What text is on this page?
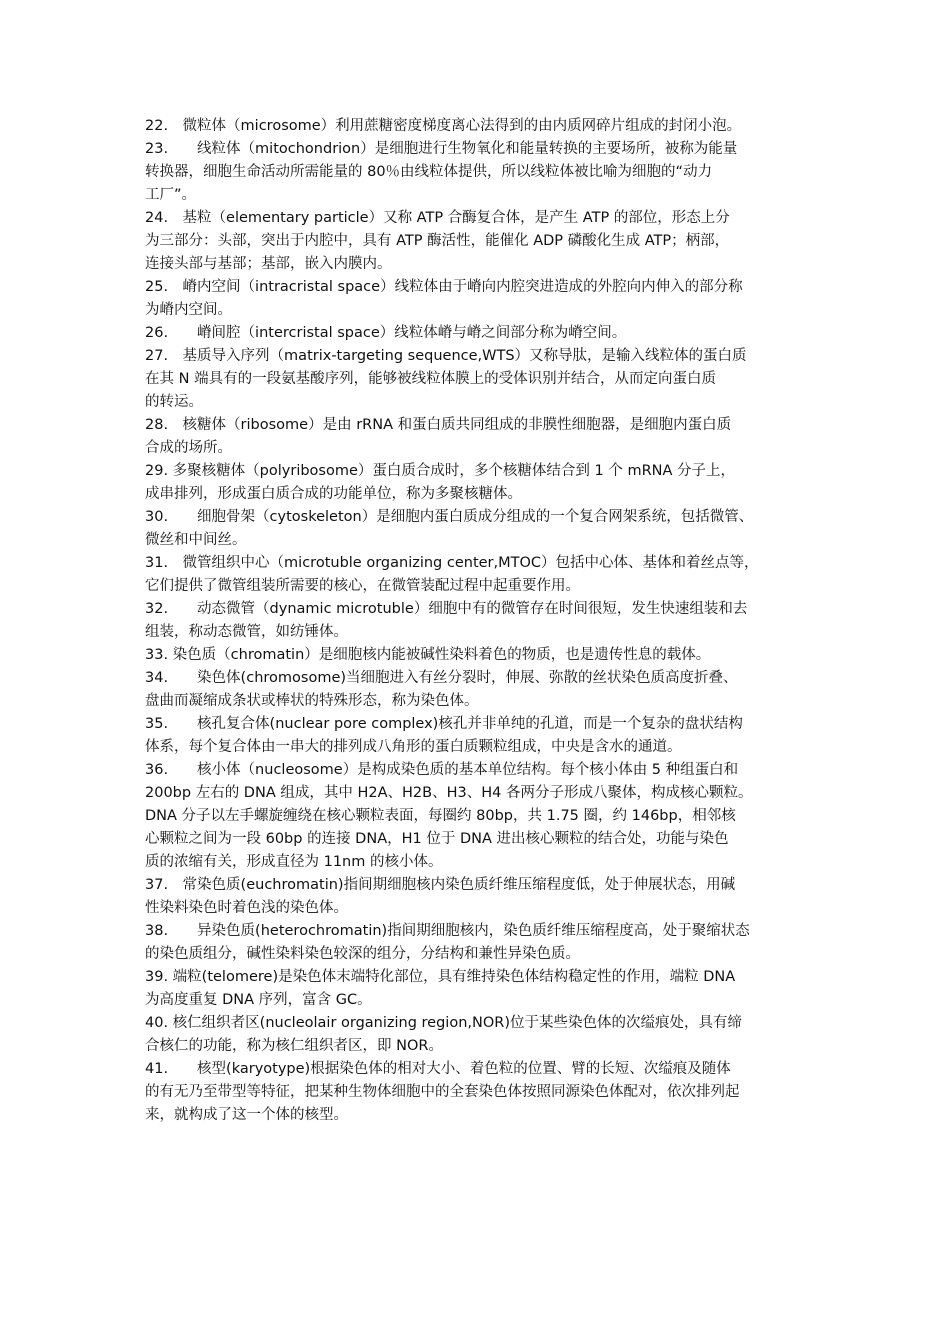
22.　微粒体（microsome）利用蔗糖密度梯度离心法得到的由内质网碎片组成的封闭小泡。

23.　　线粒体（mitochondrion）是细胞进行生物氧化和能量转换的主要场所，被称为能量
转换器，细胞生命活动所需能量的 80％由线粒体提供，所以线粒体被比喻为细胞的“动力
工厂”。

24.　基粒（elementary particle）又称 ATP 合酶复合体，是产生 ATP 的部位，形态上分
为三部分：头部，突出于内腔中，具有 ATP 酶活性，能催化 ADP 磷酸化生成 ATP；柄部，
连接头部与基部；基部，嵌入内膜内。

25.　嵴内空间（intracristal space）线粒体由于嵴向内腔突进造成的外腔向内伸入的部分称
为嵴内空间。

26.　　嵴间腔（intercristal space）线粒体嵴与嵴之间部分称为嵴空间。

27.　基质导入序列（matrix-targeting sequence,WTS）又称导肽，是输入线粒体的蛋白质
在其 N 端具有的一段氨基酸序列，能够被线粒体膜上的受体识别并结合，从而定向蛋白质
的转运。

28.　核糖体（ribosome）是由 rRNA 和蛋白质共同组成的非膜性细胞器，是细胞内蛋白质
合成的场所。

29. 多聚核糖体（polyribosome）蛋白质合成时，多个核糖体结合到 1 个 mRNA 分子上，
成串排列，形成蛋白质合成的功能单位，称为多聚核糖体。

30.　　细胞骨架（cytoskeleton）是细胞内蛋白质成分组成的一个复合网架系统，包括微管、
微丝和中间丝。

31.　微管组织中心（microtuble organizing center,MTOC）包括中心体、基体和着丝点等，
它们提供了微管组装所需要的核心，在微管装配过程中起重要作用。

32.　　动态微管（dynamic microtuble）细胞中有的微管存在时间很短，发生快速组装和去
组装，称动态微管，如纺锤体。

33. 染色质（chromatin）是细胞核内能被碱性染料着色的物质，也是遗传性息的载体。

34.　　染色体(chromosome)当细胞进入有丝分裂时，伸展、弥散的丝状染色质高度折叠、
盘曲而凝缩成条状或棒状的特殊形态，称为染色体。

35.　　核孔复合体(nuclear pore complex)核孔并非单纯的孔道，而是一个复杂的盘状结构
体系，每个复合体由一串大的排列成八角形的蛋白质颗粒组成，中央是含水的通道。

36.　　核小体（nucleosome）是构成染色质的基本单位结构。每个核小体由 5 种组蛋白和
200bp 左右的 DNA 组成，其中 H2A、H2B、H3、H4 各两分子形成八聚体，构成核心颗粒。
DNA 分子以左手螺旋缠绕在核心颗粒表面，每圈约 80bp，共 1.75 圈，约 146bp，相邻核
心颗粒之间为一段 60bp 的连接 DNA，H1 位于 DNA 进出核心颗粒的结合处，功能与染色
质的浓缩有关，形成直径为 11nm 的核小体。

37.　常染色质(euchromatin)指间期细胞核内染色质纤维压缩程度低，处于伸展状态，用碱
性染料染色时着色浅的染色体。

38.　　异染色质(heterochromatin)指间期细胞核内，染色质纤维压缩程度高，处于聚缩状态
的染色质组分，碱性染料染色较深的组分，分结构和兼性异染色质。

39. 端粒(telomere)是染色体末端特化部位，具有维持染色体结构稳定性的作用，端粒 DNA
为高度重复 DNA 序列，富含 GC。

40. 核仁组织者区(nucleolair organizing region,NOR)位于某些染色体的次缢痕处，具有缔
合核仁的功能，称为核仁组织者区，即 NOR。

41.　　核型(karyotype)根据染色体的相对大小、着色粒的位置、臂的长短、次缢痕及随体
的有无乃至带型等特征，把某种生物体细胞中的全套染色体按照同源染色体配对，依次排列起
来，就构成了这一个体的核型。
